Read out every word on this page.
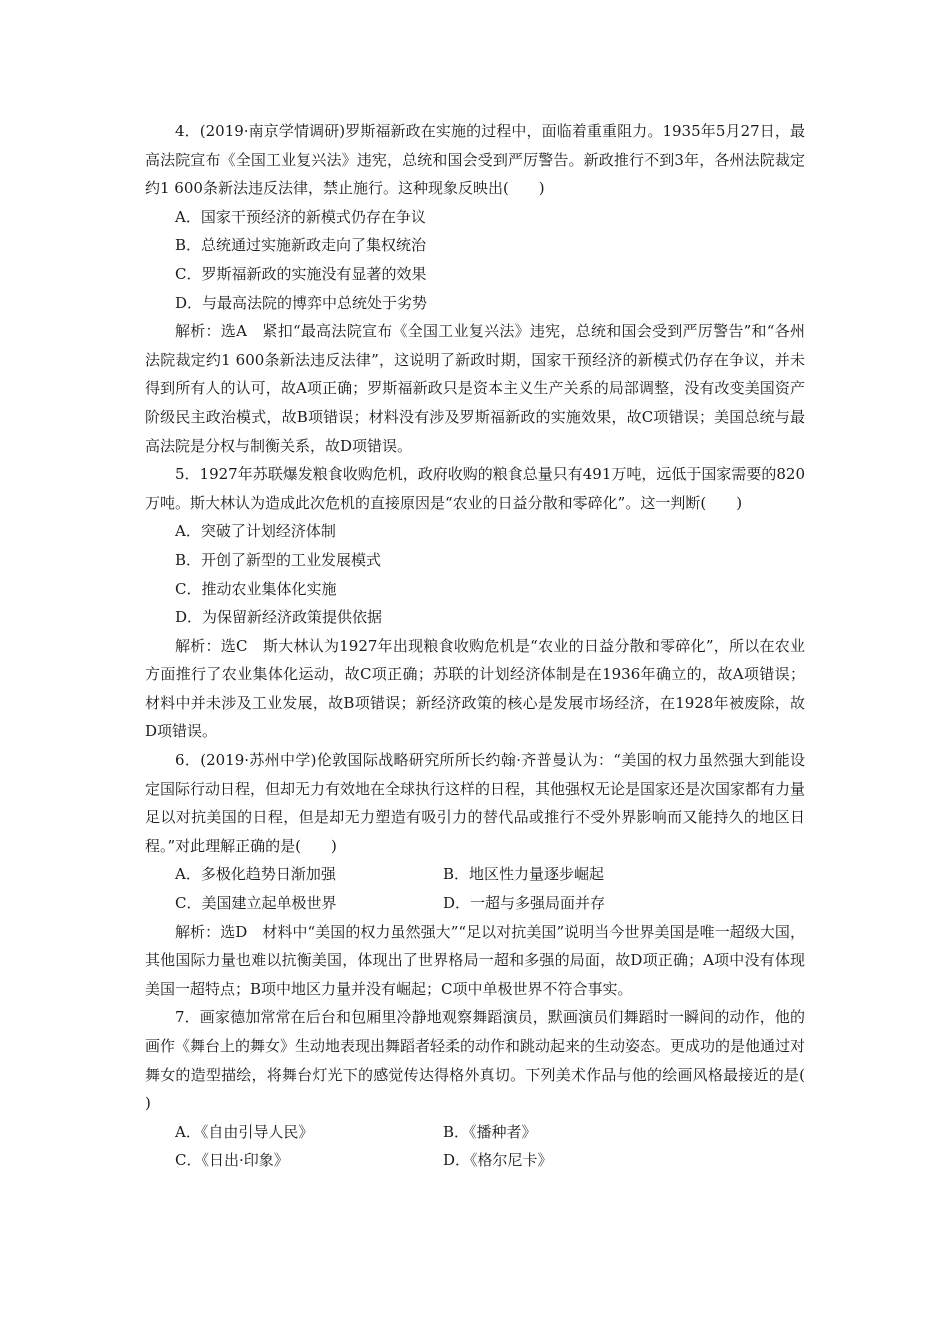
4．(2019·南京学情调研)罗斯福新政在实施的过程中，面临着重重阻力。1935年5月27日，最高法院宣布《全国工业复兴法》违宪，总统和国会受到严厉警告。新政推行不到3年，各州法院裁定约1 600条新法违反法律，禁止施行。这种现象反映出(　　)

A．国家干预经济的新模式仍存在争议

B．总统通过实施新政走向了集权统治

C．罗斯福新政的实施没有显著的效果

D．与最高法院的博弈中总统处于劣势

解析：选A　紧扣“最高法院宣布《全国工业复兴法》违宪，总统和国会受到严厉警告”和“各州法院裁定约1 600条新法违反法律”，这说明了新政时期，国家干预经济的新模式仍存在争议，并未得到所有人的认可，故A项正确；罗斯福新政只是资本主义生产关系的局部调整，没有改变美国资产阶级民主政治模式，故B项错误；材料没有涉及罗斯福新政的实施效果，故C项错误；美国总统与最高法院是分权与制衡关系，故D项错误。

5．1927年苏联爆发粮食收购危机，政府收购的粮食总量只有491万吨，远低于国家需要的820万吨。斯大林认为造成此次危机的直接原因是“农业的日益分散和零碎化”。这一判断(　　)

A．突破了计划经济体制

B．开创了新型的工业发展模式

C．推动农业集体化实施

D．为保留新经济政策提供依据

解析：选C　斯大林认为1927年出现粮食收购危机是“农业的日益分散和零碎化”，所以在农业方面推行了农业集体化运动，故C项正确；苏联的计划经济体制是在1936年确立的，故A项错误；材料中并未涉及工业发展，故B项错误；新经济政策的核心是发展市场经济，在1928年被废除，故D项错误。

6．(2019·苏州中学)伦敦国际战略研究所所长约翰·齐普曼认为：“美国的权力虽然强大到能设定国际行动日程，但却无力有效地在全球执行这样的日程，其他强权无论是国家还是次国家都有力量足以对抗美国的日程，但是却无力塑造有吸引力的替代品或推行不受外界影响而又能持久的地区日程。”对此理解正确的是(　　)

A．多极化趋势日渐加强	B．地区性力量逐步崛起
C．美国建立起单极世界	D．一超与多强局面并存

解析：选D　材料中“美国的权力虽然强大”“足以对抗美国”说明当今世界美国是唯一超级大国，其他国际力量也难以抗衡美国，体现出了世界格局一超和多强的局面，故D项正确；A项中没有体现美国一超特点；B项中地区力量并没有崛起；C项中单极世界不符合事实。

7．画家德加常常在后台和包厢里冷静地观察舞蹈演员，默画演员们舞蹈时一瞬间的动作，他的画作《舞台上的舞女》生动地表现出舞蹈者轻柔的动作和跳动起来的生动姿态。更成功的是他通过对舞女的造型描绘，将舞台灯光下的感觉传达得格外真切。下列美术作品与他的绘画风格最接近的是(　　)

A．《自由引导人民》	B．《播种者》
C．《日出·印象》	D．《格尔尼卡》
